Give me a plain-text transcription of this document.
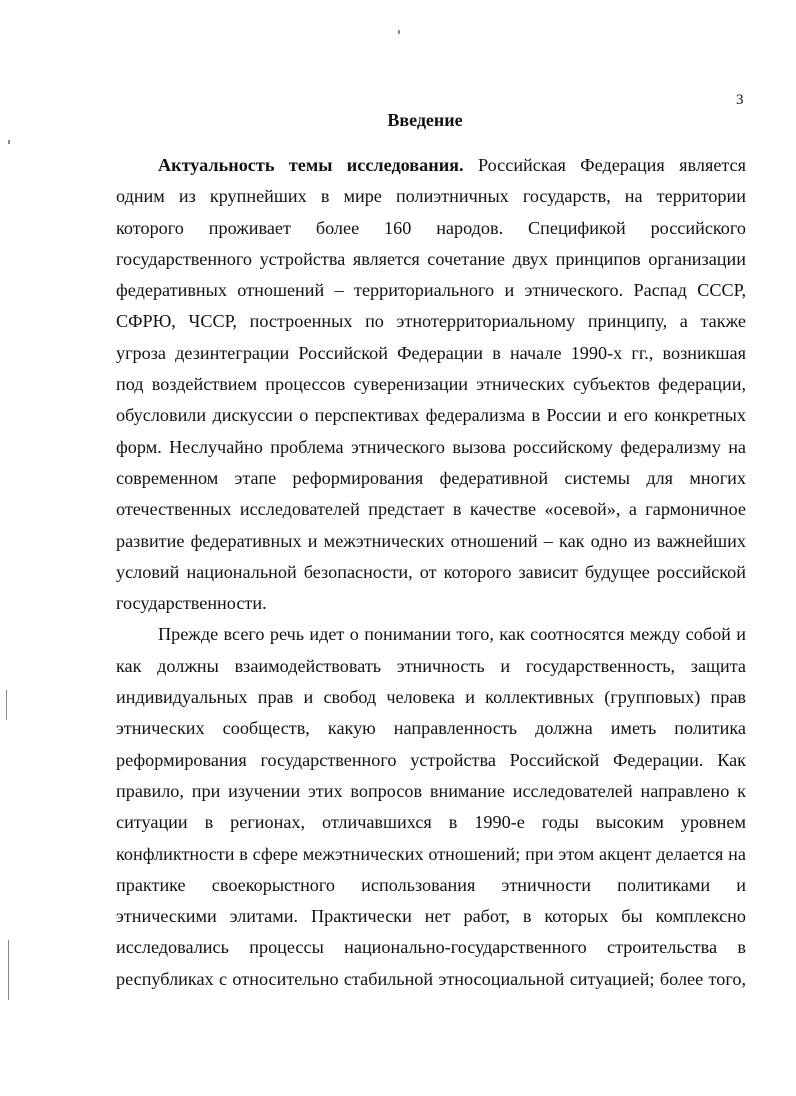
3
Введение
Актуальность темы исследования. Российская Федерация является
одним из крупнейших в мире полиэтничных государств, на территории
которого проживает более 160 народов. Спецификой российского
государственного устройства является сочетание двух принципов организации
федеративных отношений – территориального и этнического. Распад СССР,
СФРЮ, ЧССР, построенных по этнотерриториальному принципу, а также
угроза дезинтеграции Российской Федерации в начале 1990-х гг., возникшая
под воздействием процессов суверенизации этнических субъектов федерации,
обусловили дискуссии о перспективах федерализма в России и его конкретных
форм. Неслучайно проблема этнического вызова российскому федерализму на
современном этапе реформирования федеративной системы для многих
отечественных исследователей предстает в качестве «осевой», а гармоничное
развитие федеративных и межэтнических отношений – как одно из важнейших
условий национальной безопасности, от которого зависит будущее российской
государственности.
Прежде всего речь идет о понимании того, как соотносятся между собой и
как должны взаимодействовать этничность и государственность, защита
индивидуальных прав и свобод человека и коллективных (групповых) прав
этнических сообществ, какую направленность должна иметь политика
реформирования государственного устройства Российской Федерации. Как
правило, при изучении этих вопросов внимание исследователей направлено к
ситуации в регионах, отличавшихся в 1990-е годы высоким уровнем
конфликтности в сфере межэтнических отношений; при этом акцент делается на
практике своекорыстного использования этничности политиками и
этническими элитами. Практически нет работ, в которых бы комплексно
исследовались процессы национально-государственного строительства в
республиках с относительно стабильной этносоциальной ситуацией; более того,
